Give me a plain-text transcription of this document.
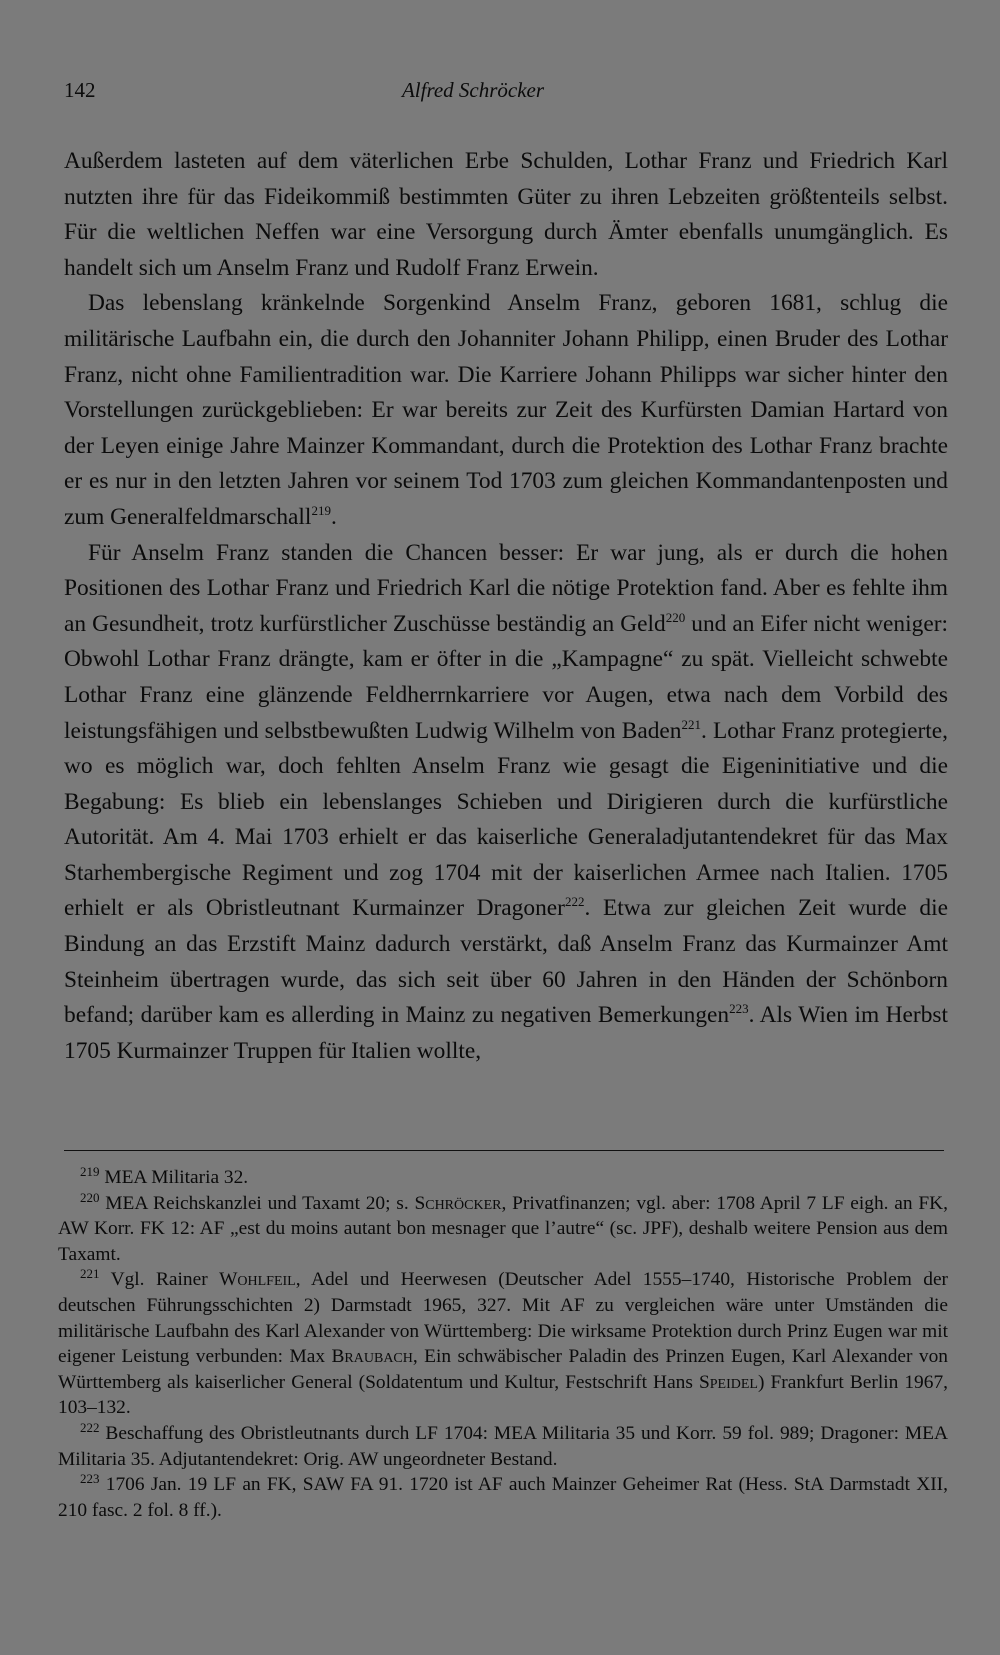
142	Alfred Schröcker

Außerdem lasteten auf dem väterlichen Erbe Schulden, Lothar Franz und Friedrich Karl nutzten ihre für das Fideikommiß bestimmten Güter zu ihren Lebzeiten größtenteils selbst. Für die weltlichen Neffen war eine Versorgung durch Ämter ebenfalls unumgänglich. Es handelt sich um Anselm Franz und Rudolf Franz Erwein.

Das lebenslang kränkelnde Sorgenkind Anselm Franz, geboren 1681, schlug die militärische Laufbahn ein, die durch den Johanniter Johann Philipp, einen Bruder des Lothar Franz, nicht ohne Familientradition war. Die Karriere Johann Philipps war sicher hinter den Vorstellungen zurückgeblieben: Er war bereits zur Zeit des Kurfürsten Damian Hartard von der Leyen einige Jahre Mainzer Kommandant, durch die Protektion des Lothar Franz brachte er es nur in den letzten Jahren vor seinem Tod 1703 zum gleichen Kommandantenposten und zum Generalfeldmarschall$^{219}$.

Für Anselm Franz standen die Chancen besser: Er war jung, als er durch die hohen Positionen des Lothar Franz und Friedrich Karl die nötige Protektion fand. Aber es fehlte ihm an Gesundheit, trotz kurfürstlicher Zuschüsse beständig an Geld$^{220}$ und an Eifer nicht weniger: Obwohl Lothar Franz drängte, kam er öfter in die „Kampagne“ zu spät. Vielleicht schwebte Lothar Franz eine glänzende Feldherrnkarriere vor Augen, etwa nach dem Vorbild des leistungsfähigen und selbstbewußten Ludwig Wilhelm von Baden$^{221}$. Lothar Franz protegierte, wo es möglich war, doch fehlten Anselm Franz wie gesagt die Eigeninitiative und die Begabung: Es blieb ein lebenslanges Schieben und Dirigieren durch die kurfürstliche Autorität. Am 4. Mai 1703 erhielt er das kaiserliche Generaladjutantendekret für das Max Starhembergische Regiment und zog 1704 mit der kaiserlichen Armee nach Italien. 1705 erhielt er als Obristleutnant Kurmainzer Dragoner$^{222}$. Etwa zur gleichen Zeit wurde die Bindung an das Erzstift Mainz dadurch verstärkt, daß Anselm Franz das Kurmainzer Amt Steinheim übertragen wurde, das sich seit über 60 Jahren in den Händen der Schönborn befand; darüber kam es allerding in Mainz zu negativen Bemerkungen$^{223}$. Als Wien im Herbst 1705 Kurmainzer Truppen für Italien wollte,

$^{219}$ MEA Militaria 32.

$^{220}$ MEA Reichskanzlei und Taxamt 20; s. Schröcker, Privatfinanzen; vgl. aber: 1708 April 7 LF eigh. an FK, AW Korr. FK 12: AF „est du moins autant bon mesnager que l’autre“ (sc. JPF), deshalb weitere Pension aus dem Taxamt.

$^{221}$ Vgl. Rainer Wohlfeil, Adel und Heerwesen (Deutscher Adel 1555–1740, Historische Problem der deutschen Führungsschichten 2) Darmstadt 1965, 327. Mit AF zu vergleichen wäre unter Umständen die militärische Laufbahn des Karl Alexander von Württemberg: Die wirksame Protektion durch Prinz Eugen war mit eigener Leistung verbunden: Max Braubach, Ein schwäbischer Paladin des Prinzen Eugen, Karl Alexander von Württemberg als kaiserlicher General (Soldatentum und Kultur, Festschrift Hans Speidel) Frankfurt Berlin 1967, 103–132.

$^{222}$ Beschaffung des Obristleutnants durch LF 1704: MEA Militaria 35 und Korr. 59 fol. 989; Dragoner: MEA Militaria 35. Adjutantendekret: Orig. AW ungeordneter Bestand.

$^{223}$ 1706 Jan. 19 LF an FK, SAW FA 91. 1720 ist AF auch Mainzer Geheimer Rat (Hess. StA Darmstadt XII, 210 fasc. 2 fol. 8 ff.).
